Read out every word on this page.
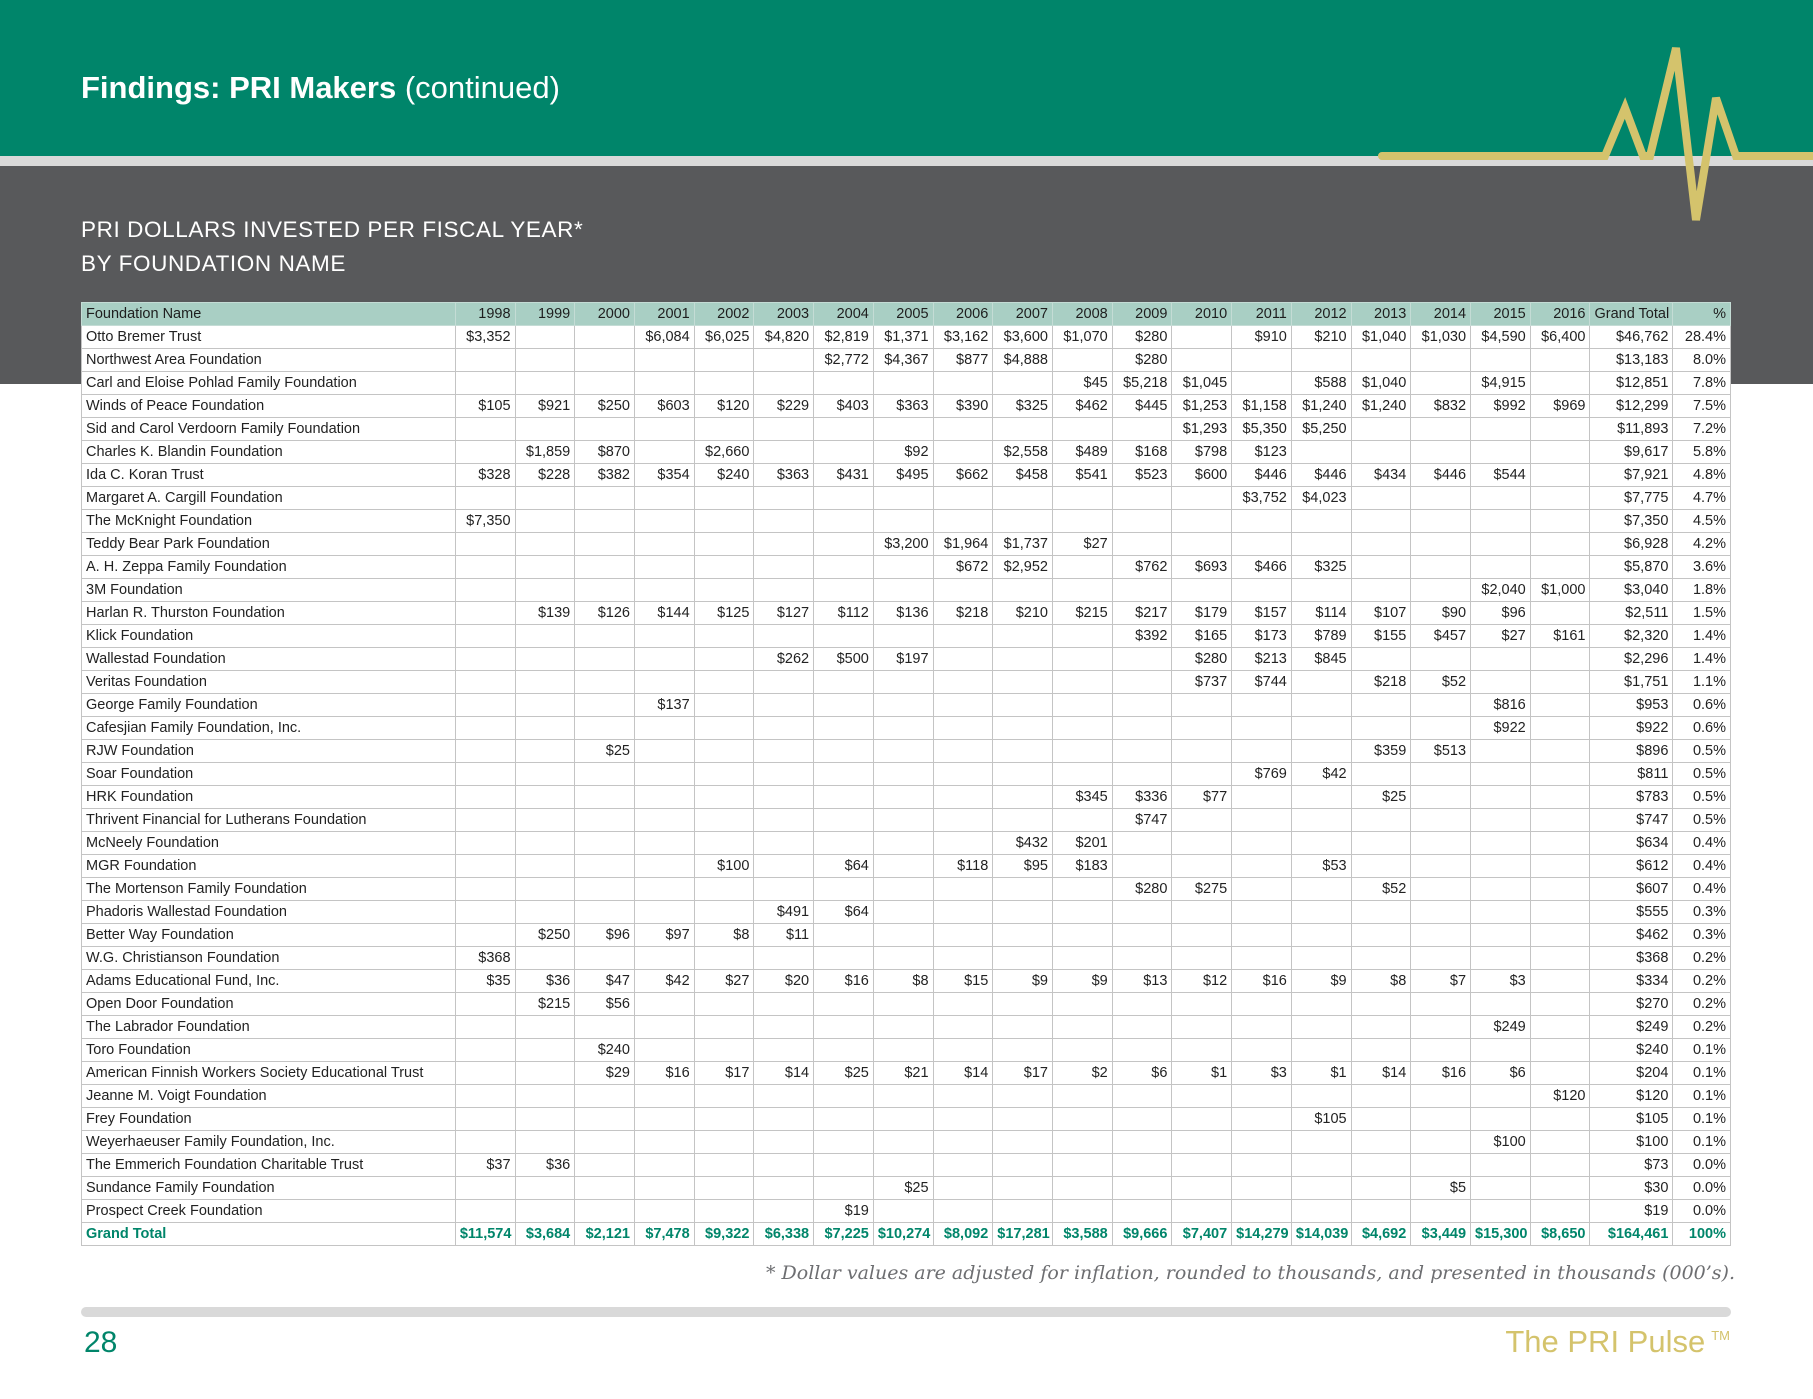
Findings: PRI Makers (continued)
PRI DOLLARS INVESTED PER FISCAL YEAR*
BY FOUNDATION NAME
Foundation Name	1998	1999	2000	2001	2002	2003	2004	2005	2006	2007	2008	2009	2010	2011	2012	2013	2014	2015	2016	Grand Total	%
Otto Bremer Trust	$3,352			$6,084	$6,025	$4,820	$2,819	$1,371	$3,162	$3,600	$1,070	$280		$910	$210	$1,040	$1,030	$4,590	$6,400	$46,762	28.4%
Northwest Area Foundation							$2,772	$4,367	$877	$4,888		$280								$13,183	8.0%
Carl and Eloise Pohlad Family Foundation											$45	$5,218	$1,045		$588	$1,040		$4,915		$12,851	7.8%
Winds of Peace Foundation	$105	$921	$250	$603	$120	$229	$403	$363	$390	$325	$462	$445	$1,253	$1,158	$1,240	$1,240	$832	$992	$969	$12,299	7.5%
Sid and Carol Verdoorn Family Foundation													$1,293	$5,350	$5,250					$11,893	7.2%
Charles K. Blandin Foundation		$1,859	$870		$2,660			$92		$2,558	$489	$168	$798	$123						$9,617	5.8%
Ida C. Koran Trust	$328	$228	$382	$354	$240	$363	$431	$495	$662	$458	$541	$523	$600	$446	$446	$434	$446	$544		$7,921	4.8%
Margaret A. Cargill Foundation														$3,752	$4,023					$7,775	4.7%
The McKnight Foundation	$7,350																			$7,350	4.5%
Teddy Bear Park Foundation								$3,200	$1,964	$1,737	$27									$6,928	4.2%
A. H. Zeppa Family Foundation									$672	$2,952		$762	$693	$466	$325					$5,870	3.6%
3M Foundation																		$2,040	$1,000	$3,040	1.8%
Harlan R. Thurston Foundation		$139	$126	$144	$125	$127	$112	$136	$218	$210	$215	$217	$179	$157	$114	$107	$90	$96		$2,511	1.5%
Klick Foundation												$392	$165	$173	$789	$155	$457	$27	$161	$2,320	1.4%
Wallestad Foundation						$262	$500	$197					$280	$213	$845					$2,296	1.4%
Veritas Foundation													$737	$744		$218	$52			$1,751	1.1%
George Family Foundation				$137														$816		$953	0.6%
Cafesjian Family Foundation, Inc.																		$922		$922	0.6%
RJW Foundation			$25													$359	$513			$896	0.5%
Soar Foundation														$769	$42					$811	0.5%
HRK Foundation											$345	$336	$77			$25				$783	0.5%
Thrivent Financial for Lutherans Foundation												$747								$747	0.5%
McNeely Foundation										$432	$201									$634	0.4%
MGR Foundation					$100		$64		$118	$95	$183				$53					$612	0.4%
The Mortenson Family Foundation												$280	$275			$52				$607	0.4%
Phadoris Wallestad Foundation						$491	$64													$555	0.3%
Better Way Foundation		$250	$96	$97	$8	$11														$462	0.3%
W.G. Christianson Foundation	$368																			$368	0.2%
Adams Educational Fund, Inc.	$35	$36	$47	$42	$27	$20	$16	$8	$15	$9	$9	$13	$12	$16	$9	$8	$7	$3		$334	0.2%
Open Door Foundation		$215	$56																	$270	0.2%
The Labrador Foundation																		$249		$249	0.2%
Toro Foundation			$240																	$240	0.1%
American Finnish Workers Society Educational Trust			$29	$16	$17	$14	$25	$21	$14	$17	$2	$6	$1	$3	$1	$14	$16	$6		$204	0.1%
Jeanne M. Voigt Foundation																			$120	$120	0.1%
Frey Foundation															$105					$105	0.1%
Weyerhaeuser Family Foundation, Inc.																		$100		$100	0.1%
The Emmerich Foundation Charitable Trust	$37	$36																		$73	0.0%
Sundance Family Foundation								$25									$5			$30	0.0%
Prospect Creek Foundation							$19													$19	0.0%
Grand Total	$11,574	$3,684	$2,121	$7,478	$9,322	$6,338	$7,225	$10,274	$8,092	$17,281	$3,588	$9,666	$7,407	$14,279	$14,039	$4,692	$3,449	$15,300	$8,650	$164,461	100%
* Dollar values are adjusted for inflation, rounded to thousands, and presented in thousands (000’s).
28	The PRI Pulse ™
